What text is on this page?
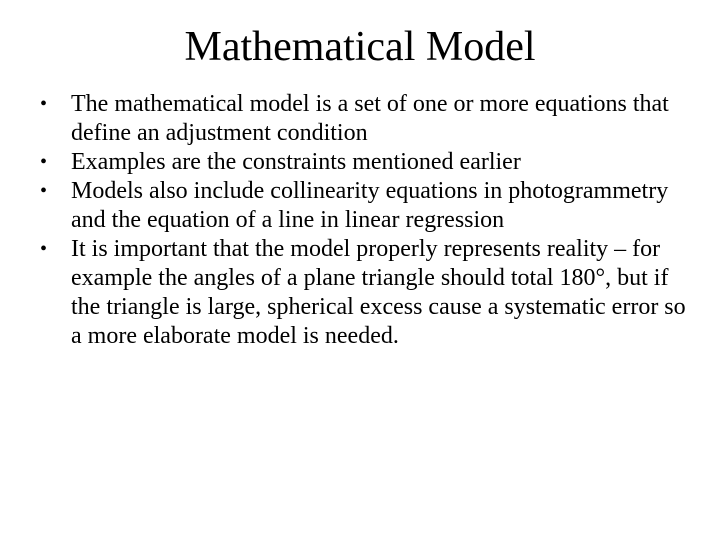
Mathematical Model
• The mathematical model is a set of one or more equations that define an adjustment condition
• Examples are the constraints mentioned earlier
• Models also include collinearity equations in photogrammetry and the equation of a line in linear regression
• It is important that the model properly represents reality – for example the angles of a plane triangle should total 180°, but if the triangle is large, spherical excess cause a systematic error so a more elaborate model is needed.
